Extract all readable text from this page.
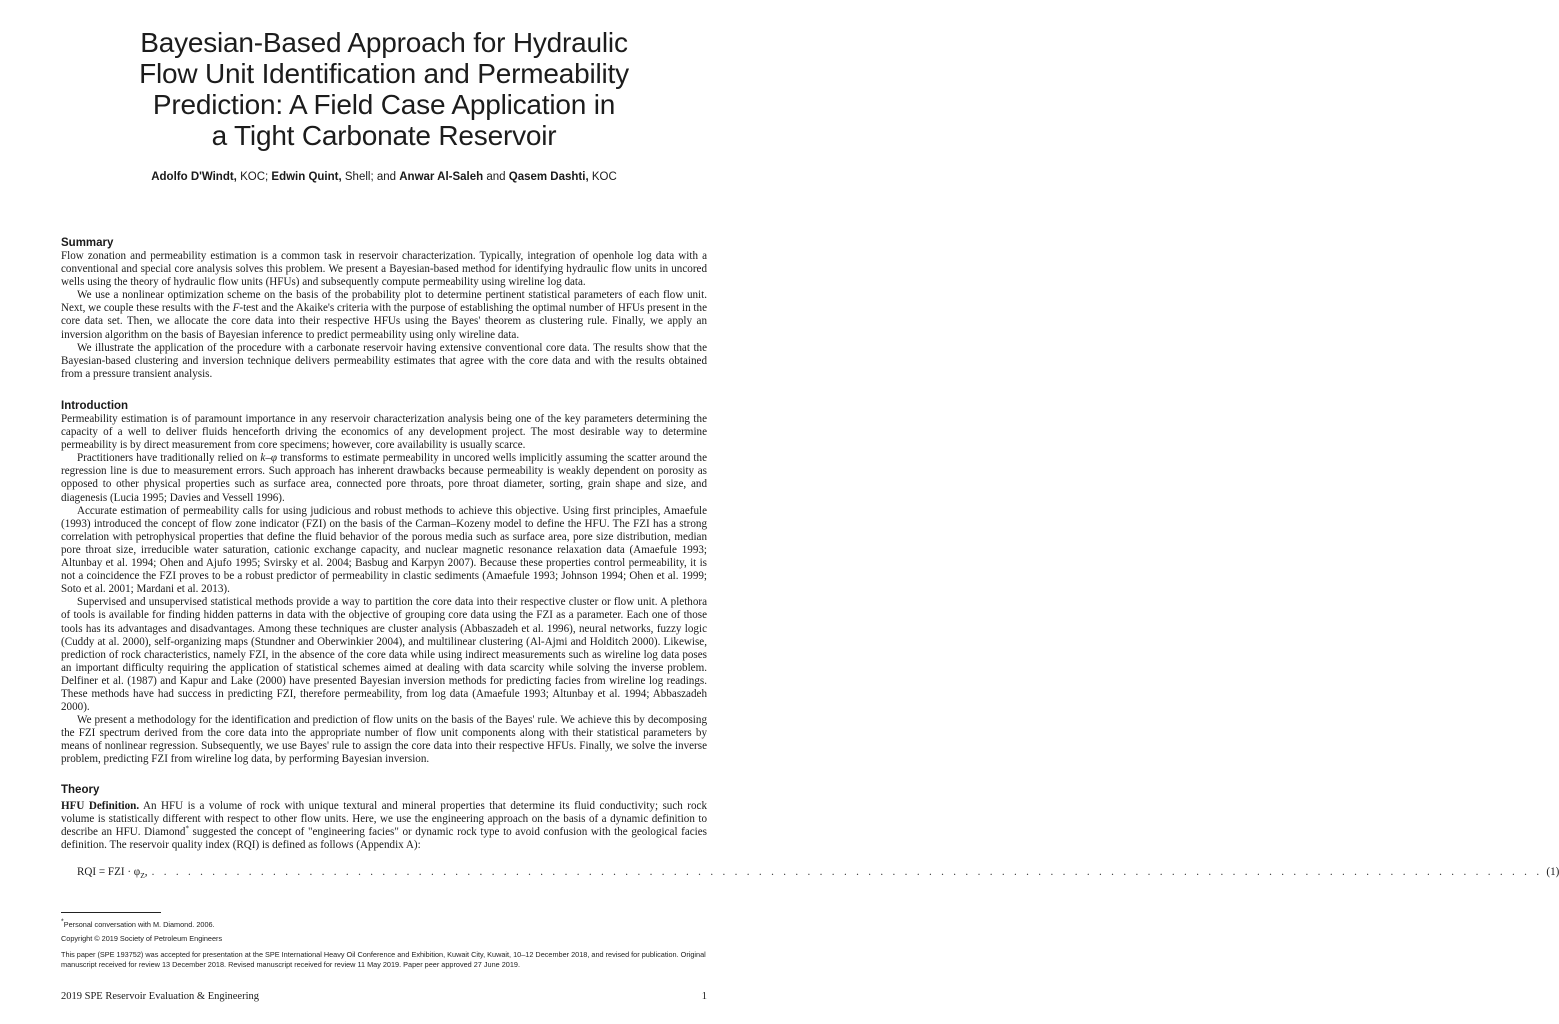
Bayesian-Based Approach for Hydraulic
Flow Unit Identification and Permeability
Prediction: A Field Case Application in
a Tight Carbonate Reservoir
Adolfo D'Windt, KOC; Edwin Quint, Shell; and Anwar Al-Saleh and Qasem Dashti, KOC
Summary

Flow zonation and permeability estimation is a common task in reservoir characterization. Typically, integration of openhole log data with a conventional and special core analysis solves this problem. We present a Bayesian-based method for identifying hydraulic flow units in uncored wells using the theory of hydraulic flow units (HFUs) and subsequently compute permeability using wireline log data.

We use a nonlinear optimization scheme on the basis of the probability plot to determine pertinent statistical parameters of each flow unit. Next, we couple these results with the F-test and the Akaike's criteria with the purpose of establishing the optimal number of HFUs present in the core data set. Then, we allocate the core data into their respective HFUs using the Bayes' theorem as clustering rule. Finally, we apply an inversion algorithm on the basis of Bayesian inference to predict permeability using only wireline data.

We illustrate the application of the procedure with a carbonate reservoir having extensive conventional core data. The results show that the Bayesian-based clustering and inversion technique delivers permeability estimates that agree with the core data and with the results obtained from a pressure transient analysis.

Introduction

Permeability estimation is of paramount importance in any reservoir characterization analysis being one of the key parameters determining the capacity of a well to deliver fluids henceforth driving the economics of any development project. The most desirable way to determine permeability is by direct measurement from core specimens; however, core availability is usually scarce.

Practitioners have traditionally relied on k–φ transforms to estimate permeability in uncored wells implicitly assuming the scatter around the regression line is due to measurement errors. Such approach has inherent drawbacks because permeability is weakly dependent on porosity as opposed to other physical properties such as surface area, connected pore throats, pore throat diameter, sorting, grain shape and size, and diagenesis (Lucia 1995; Davies and Vessell 1996).

Accurate estimation of permeability calls for using judicious and robust methods to achieve this objective. Using first principles, Amaefule (1993) introduced the concept of flow zone indicator (FZI) on the basis of the Carman–Kozeny model to define the HFU. The FZI has a strong correlation with petrophysical properties that define the fluid behavior of the porous media such as surface area, pore size distribution, median pore throat size, irreducible water saturation, cationic exchange capacity, and nuclear magnetic resonance relaxation data (Amaefule 1993; Altunbay et al. 1994; Ohen and Ajufo 1995; Svirsky et al. 2004; Basbug and Karpyn 2007). Because these properties control permeability, it is not a coincidence the FZI proves to be a robust predictor of permeability in clastic sediments (Amaefule 1993; Johnson 1994; Ohen et al. 1999; Soto et al. 2001; Mardani et al. 2013).

Supervised and unsupervised statistical methods provide a way to partition the core data into their respective cluster or flow unit. A plethora of tools is available for finding hidden patterns in data with the objective of grouping core data using the FZI as a parameter. Each one of those tools has its advantages and disadvantages. Among these techniques are cluster analysis (Abbaszadeh et al. 1996), neural networks, fuzzy logic (Cuddy at al. 2000), self-organizing maps (Stundner and Oberwinkier 2004), and multilinear clustering (Al-Ajmi and Holditch 2000). Likewise, prediction of rock characteristics, namely FZI, in the absence of the core data while using indirect measurements such as wireline log data poses an important difficulty requiring the application of statistical schemes aimed at dealing with data scarcity while solving the inverse problem. Delfiner et al. (1987) and Kapur and Lake (2000) have presented Bayesian inversion methods for predicting facies from wireline log readings. These methods have had success in predicting FZI, therefore permeability, from log data (Amaefule 1993; Altunbay et al. 1994; Abbaszadeh 2000).

We present a methodology for the identification and prediction of flow units on the basis of the Bayes' rule. We achieve this by decomposing the FZI spectrum derived from the core data into the appropriate number of flow unit components along with their statistical parameters by means of nonlinear regression. Subsequently, we use Bayes' rule to assign the core data into their respective HFUs. Finally, we solve the inverse problem, predicting FZI from wireline log data, by performing Bayesian inversion.

Theory

HFU Definition. An HFU is a volume of rock with unique textural and mineral properties that determine its fluid conductivity; such rock volume is statistically different with respect to other flow units. Here, we use the engineering approach on the basis of a dynamic definition to describe an HFU. Diamond* suggested the concept of "engineering facies" or dynamic rock type to avoid confusion with the geological facies definition. The reservoir quality index (RQI) is defined as follows (Appendix A):

RQI = FZI · $\varphi_Z$, . . . . . . . . . . . . . . . . . . . . . . . . . . . . . . . . . . . . . . . . . . . . . . . . . . . . . . . . . . . . . . . . . . . . . . . . . . . . . . . . . . . . . . . . . . . . . . . . . . . . . . . . . . . . . . . . . . . (1)
*Personal conversation with M. Diamond. 2006.
Copyright © 2019 Society of Petroleum Engineers
This paper (SPE 193752) was accepted for presentation at the SPE International Heavy Oil Conference and Exhibition, Kuwait City, Kuwait, 10–12 December 2018, and revised for publication. Original manuscript received for review 13 December 2018. Revised manuscript received for review 11 May 2019. Paper peer approved 27 June 2019.
2019 SPE Reservoir Evaluation & Engineering	1
